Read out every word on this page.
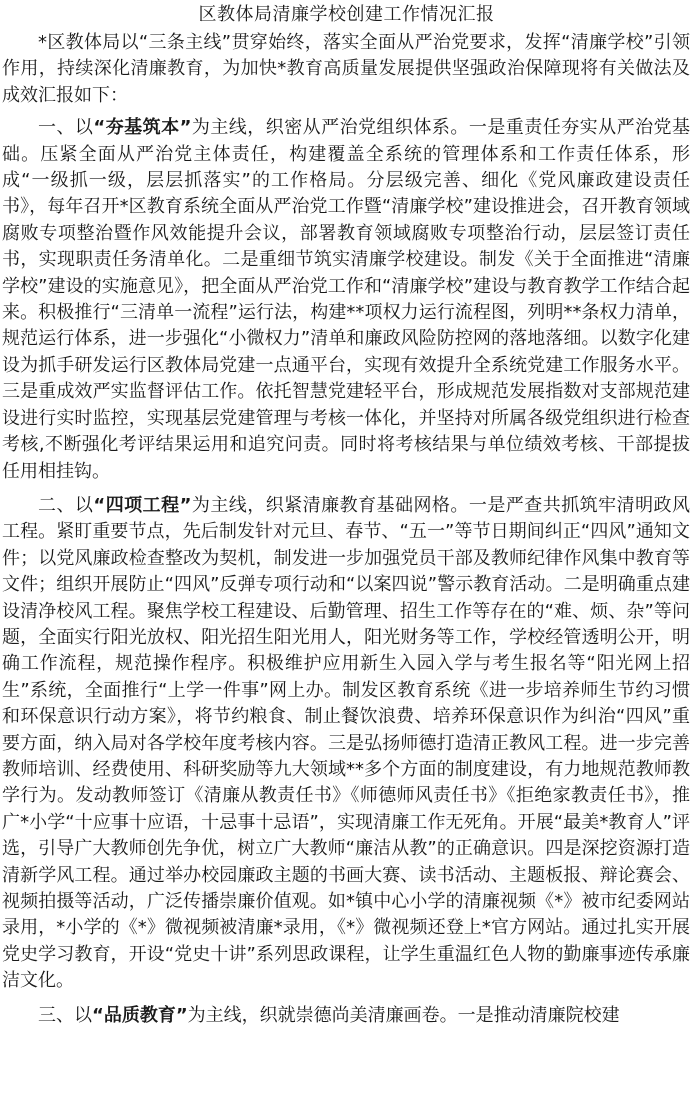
区教体局清廉学校创建工作情况汇报

*区教体局以“三条主线”贯穿始终，落实全面从严治党要求，发挥“清廉学校”引领作用，持续深化清廉教育，为加快*教育高质量发展提供坚强政治保障现将有关做法及成效汇报如下：

一、以“夯基筑本”为主线，织密从严治党组织体系。一是重责任夯实从严治党基础。压紧全面从严治党主体责任，构建覆盖全系统的管理体系和工作责任体系，形成“一级抓一级，层层抓落实”的工作格局。分层级完善、细化《党风廉政建设责任书》，每年召开*区教育系统全面从严治党工作暨“清廉学校”建设推进会，召开教育领域腐败专项整治暨作风效能提升会议，部署教育领域腐败专项整治行动，层层签订责任书，实现职责任务清单化。二是重细节筑实清廉学校建设。制发《关于全面推进“清廉学校”建设的实施意见》，把全面从严治党工作和“清廉学校”建设与教育教学工作结合起来。积极推行“三清单一流程”运行法，构建**项权力运行流程图，列明**条权力清单，规范运行体系，进一步强化“小微权力”清单和廉政风险防控网的落地落细。以数字化建设为抓手研发运行区教体局党建一点通平台，实现有效提升全系统党建工作服务水平。三是重成效严实监督评估工作。依托智慧党建轻平台，形成规范发展指数对支部规范建设进行实时监控，实现基层党建管理与考核一体化，并坚持对所属各级党组织进行检查考核,不断强化考评结果运用和追究问责。同时将考核结果与单位绩效考核、干部提拔任用相挂钩。

二、以“四项工程”为主线，织紧清廉教育基础网格。一是严查共抓筑牢清明政风工程。紧盯重要节点，先后制发针对元旦、春节、“五一”等节日期间纠正“四风”通知文件；以党风廉政检查整改为契机，制发进一步加强党员干部及教师纪律作风集中教育等文件；组织开展防止“四风”反弹专项行动和“以案四说”警示教育活动。二是明确重点建设清净校风工程。聚焦学校工程建设、后勤管理、招生工作等存在的“难、烦、杂”等问题，全面实行阳光放权、阳光招生阳光用人，阳光财务等工作，学校经管透明公开，明确工作流程，规范操作程序。积极维护应用新生入园入学与考生报名等“阳光网上招生”系统，全面推行“上学一件事”网上办。制发区教育系统《进一步培养师生节约习惯和环保意识行动方案》，将节约粮食、制止餐饮浪费、培养环保意识作为纠治“四风”重要方面，纳入局对各学校年度考核内容。三是弘扬师德打造清正教风工程。进一步完善教师培训、经费使用、科研奖励等九大领域**多个方面的制度建设，有力地规范教师教学行为。发动教师签订《清廉从教责任书》《师德师风责任书》《拒绝家教责任书》，推广*小学“十应事十应语，十忌事十忌语”，实现清廉工作无死角。开展“最美*教育人”评选，引导广大教师创先争优，树立广大教师“廉洁从教”的正确意识。四是深挖资源打造清新学风工程。通过举办校园廉政主题的书画大赛、读书活动、主题板报、辩论赛会、视频拍摄等活动，广泛传播崇廉价值观。如*镇中心小学的清廉视频《*》被市纪委网站录用，*小学的《*》微视频被清廉*录用，《*》微视频还登上*官方网站。通过扎实开展党史学习教育，开设“党史十讲”系列思政课程，让学生重温红色人物的勤廉事迹传承廉洁文化。

三、以“品质教育”为主线，织就崇德尚美清廉画卷。一是推动清廉院校建
